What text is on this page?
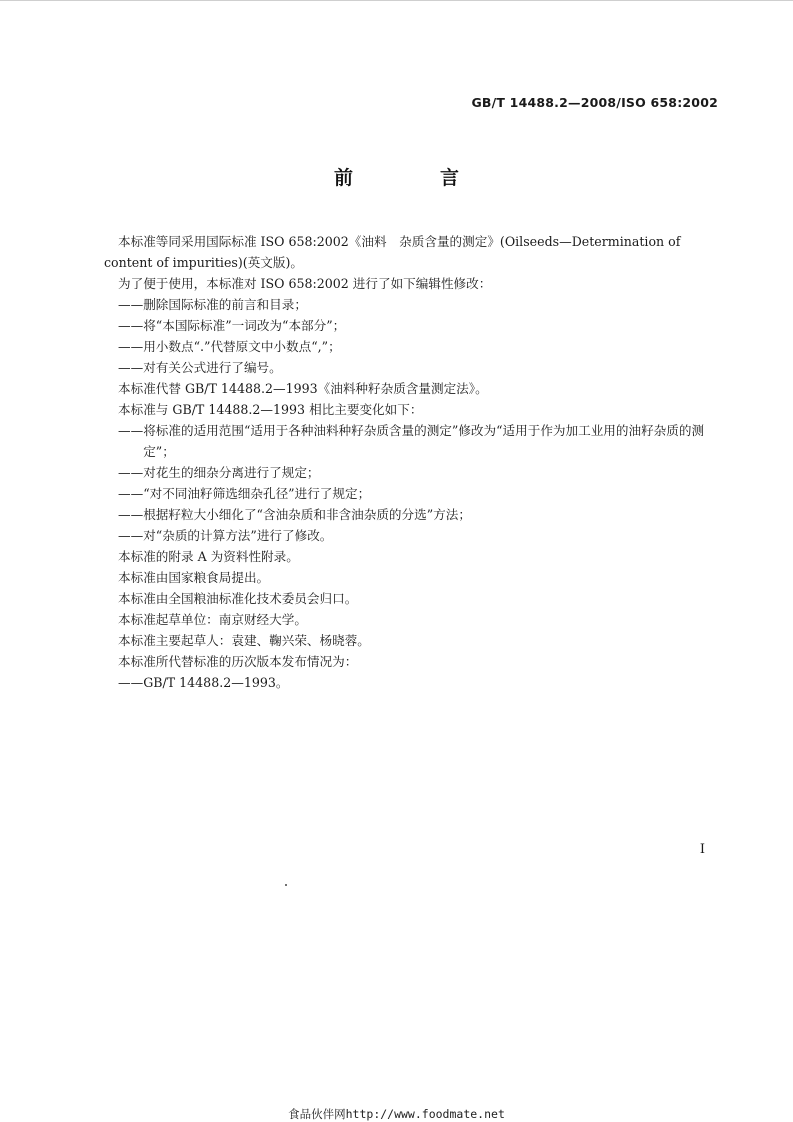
GB/T 14488.2—2008/ISO 658:2002
前　言

本标准等同采用国际标准 ISO 658:2002《油料　杂质含量的测定》(Oilseeds—Determination of
content of impurities)(英文版)。

为了便于使用，本标准对 ISO 658:2002 进行了如下编辑性修改：

—— 删除国际标准的前言和目录；
—— 将“本国际标准”一词改为“本部分”；
—— 用小数点“.”代替原文中小数点“,”；
—— 对有关公式进行了编号。

本标准代替 GB/T 14488.2—1993《油料种籽杂质含量测定法》。

本标准与 GB/T 14488.2—1993 相比主要变化如下：

—— 将标准的适用范围“适用于各种油料种籽杂质含量的测定”修改为“适用于作为加工业用的油籽杂质的测定”；
—— 对花生的细杂分离进行了规定；
—— “对不同油籽筛选细杂孔径”进行了规定；
—— 根据籽粒大小细化了“含油杂质和非含油杂质的分选”方法；
—— 对“杂质的计算方法”进行了修改。

本标准的附录 A 为资料性附录。

本标准由国家粮食局提出。

本标准由全国粮油标准化技术委员会归口。

本标准起草单位：南京财经大学。

本标准主要起草人：袁建、鞠兴荣、杨晓蓉。

本标准所代替标准的历次版本发布情况为：

—— GB/T 14488.2—1993。
I
食品伙伴网http://www.foodmate.net
